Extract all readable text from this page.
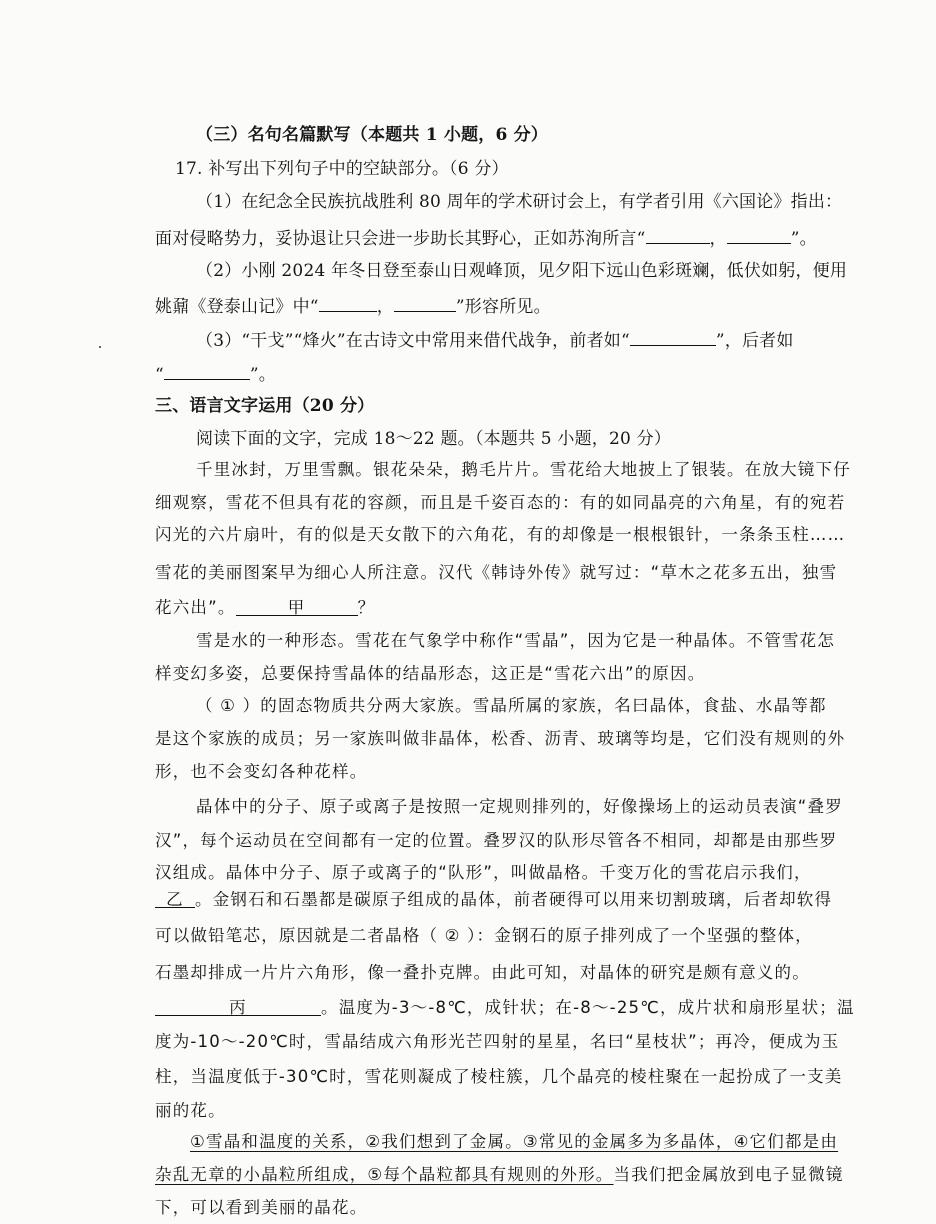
（三）名句名篇默写（本题共 1 小题，6 分）
17. 补写出下列句子中的空缺部分。（6 分）
（1）在纪念全民族抗战胜利 80 周年的学术研讨会上，有学者引用《六国论》指出：
面对侵略势力，妥协退让只会进一步助长其野心，正如苏洵所言“	，	”。
（2）小刚 2024 年冬日登至泰山日观峰顶，见夕阳下远山色彩斑斓，低伏如躬，便用
姚鼐《登泰山记》中“	，	”形容所见。
（3）“干戈”“烽火”在古诗文中常用来借代战争，前者如“	”，后者如
“	”。
三、语言文字运用（20 分）
阅读下面的文字，完成 18～22 题。（本题共 5 小题，20 分）
千里冰封，万里雪飘。银花朵朵，鹅毛片片。雪花给大地披上了银装。在放大镜下仔
细观察，雪花不但具有花的容颜，而且是千姿百态的：有的如同晶亮的六角星，有的宛若
闪光的六片扇叶，有的似是天女散下的六角花，有的却像是一根根银针，一条条玉柱……
雪花的美丽图案早为细心人所注意。汉代《韩诗外传》就写过：“草木之花多五出，独雪
花六出”。	甲	？
雪是水的一种形态。雪花在气象学中称作“雪晶”，因为它是一种晶体。不管雪花怎
样变幻多姿，总要保持雪晶体的结晶形态，这正是“雪花六出”的原因。
（ ① ）的固态物质共分两大家族。雪晶所属的家族，名曰晶体，食盐、水晶等都
是这个家族的成员；另一家族叫做非晶体，松香、沥青、玻璃等均是，它们没有规则的外
形，也不会变幻各种花样。
晶体中的分子、原子或离子是按照一定规则排列的，好像操场上的运动员表演“叠罗
汉”，每个运动员在空间都有一定的位置。叠罗汉的队形尽管各不相同，却都是由那些罗
汉组成。晶体中分子、原子或离子的“队形”，叫做晶格。千变万化的雪花启示我们，
乙 。金钢石和石墨都是碳原子组成的晶体，前者硬得可以用来切割玻璃，后者却软得
可以做铅笔芯，原因就是二者晶格（ ② ）：金钢石的原子排列成了一个坚强的整体，
石墨却排成一片片六角形，像一叠扑克牌。由此可知，对晶体的研究是颇有意义的。
丙	。温度为-3～-8℃，成针状；在-8～-25℃，成片状和扇形星状；温
度为-10～-20℃时，雪晶结成六角形光芒四射的星星，名曰“星枝状”；再冷，便成为玉
柱，当温度低于-30℃时，雪花则凝成了棱柱簇，几个晶亮的棱柱聚在一起扮成了一支美
丽的花。
①雪晶和温度的关系，②我们想到了金属。③常见的金属多为多晶体，④它们都是由
杂乱无章的小晶粒所组成，⑤每个晶粒都具有规则的外形。当我们把金属放到电子显微镜
下，可以看到美丽的晶花。
